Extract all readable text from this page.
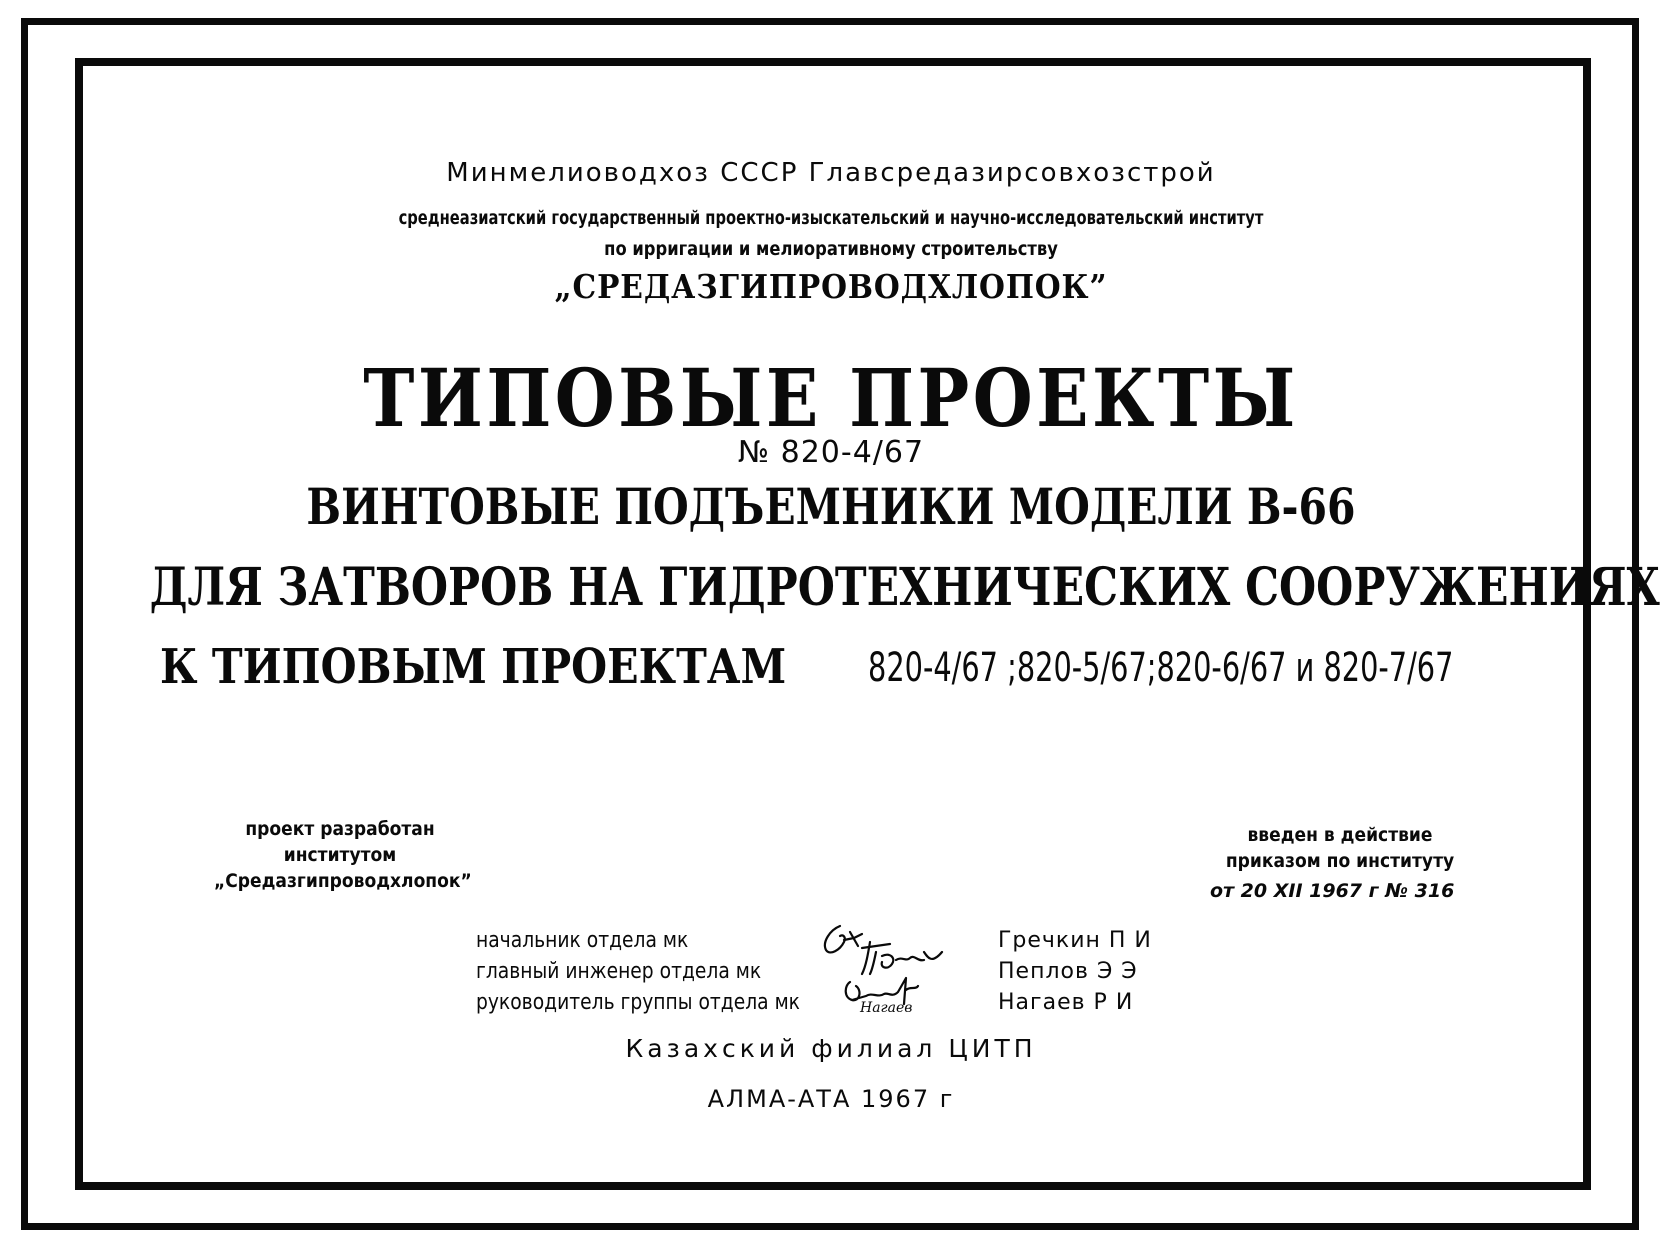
Минмелиоводхоз СССР Главсредазирсовхозстрой
среднеазиатский государственный проектно-изыскательский и научно-исследовательский институт
по ирригации и мелиоративному строительству
„СРЕДАЗГИПРОВОДХЛОПОК”
ТИПОВЫЕ ПРОЕКТЫ
№ 820-4/67
ВИНТОВЫЕ ПОДЪЕМНИКИ МОДЕЛИ В-66
ДЛЯ ЗАТВОРОВ НА ГИДРОТЕХНИЧЕСКИХ СООРУЖЕНИЯХ
К ТИПОВЫМ ПРОЕКТАМ 820-4/67 ;820-5/67;820-6/67 и 820-7/67
проект разработан
институтом
„Средазгипроводхлопок”
введен в действие
приказом по институту
от 20 XII 1967 г № 316
начальник отдела мк
главный инженер отдела мк
руководитель группы отдела мк
Гречкин П И
Пеплов Э Э
Нагаев Р И
Нагаев
Казахский филиал ЦИТП
АЛМА-АТА 1967 г
